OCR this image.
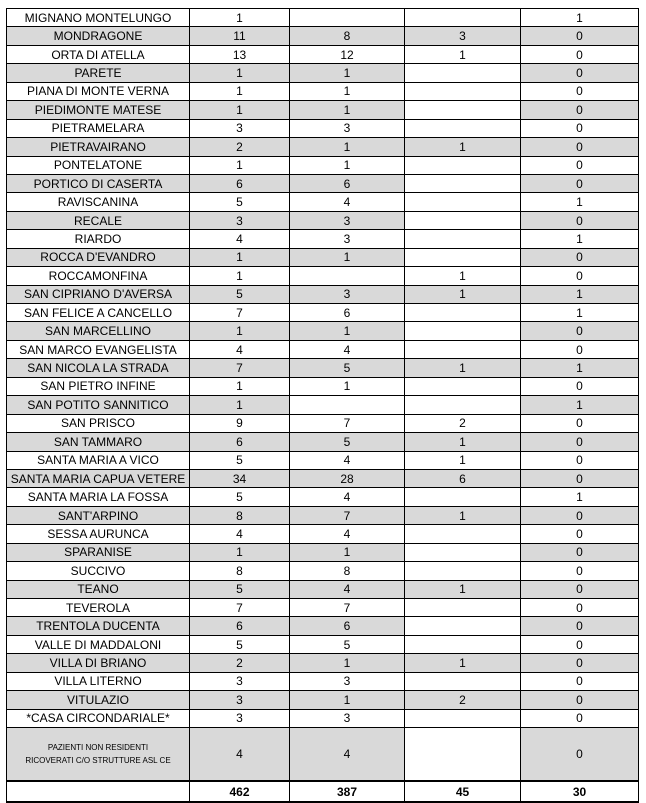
MIGNANO MONTELUNGO	1			1
MONDRAGONE	11	8	3	0
ORTA DI ATELLA	13	12	1	0
PARETE	1	1		0
PIANA DI MONTE VERNA	1	1		0
PIEDIMONTE MATESE	1	1		0
PIETRAMELARA	3	3		0
PIETRAVAIRANO	2	1	1	0
PONTELATONE	1	1		0
PORTICO DI CASERTA	6	6		0
RAVISCANINA	5	4		1
RECALE	3	3		0
RIARDO	4	3		1
ROCCA D'EVANDRO	1	1		0
ROCCAMONFINA	1		1	0
SAN CIPRIANO D'AVERSA	5	3	1	1
SAN FELICE A CANCELLO	7	6		1
SAN MARCELLINO	1	1		0
SAN MARCO EVANGELISTA	4	4		0
SAN NICOLA LA STRADA	7	5	1	1
SAN PIETRO INFINE	1	1		0
SAN POTITO SANNITICO	1			1
SAN PRISCO	9	7	2	0
SAN TAMMARO	6	5	1	0
SANTA MARIA A VICO	5	4	1	0
SANTA MARIA CAPUA VETERE	34	28	6	0
SANTA MARIA LA FOSSA	5	4		1
SANT'ARPINO	8	7	1	0
SESSA AURUNCA	4	4		0
SPARANISE	1	1		0
SUCCIVO	8	8		0
TEANO	5	4	1	0
TEVEROLA	7	7		0
TRENTOLA DUCENTA	6	6		0
VALLE DI MADDALONI	5	5		0
VILLA DI BRIANO	2	1	1	0
VILLA LITERNO	3	3		0
VITULAZIO	3	1	2	0
*CASA CIRCONDARIALE*	3	3		0

PAZIENTI NON RESIDENTI
RICOVERATI C/O STRUTTURE ASL CE	4	4		0
	462	387	45	30
